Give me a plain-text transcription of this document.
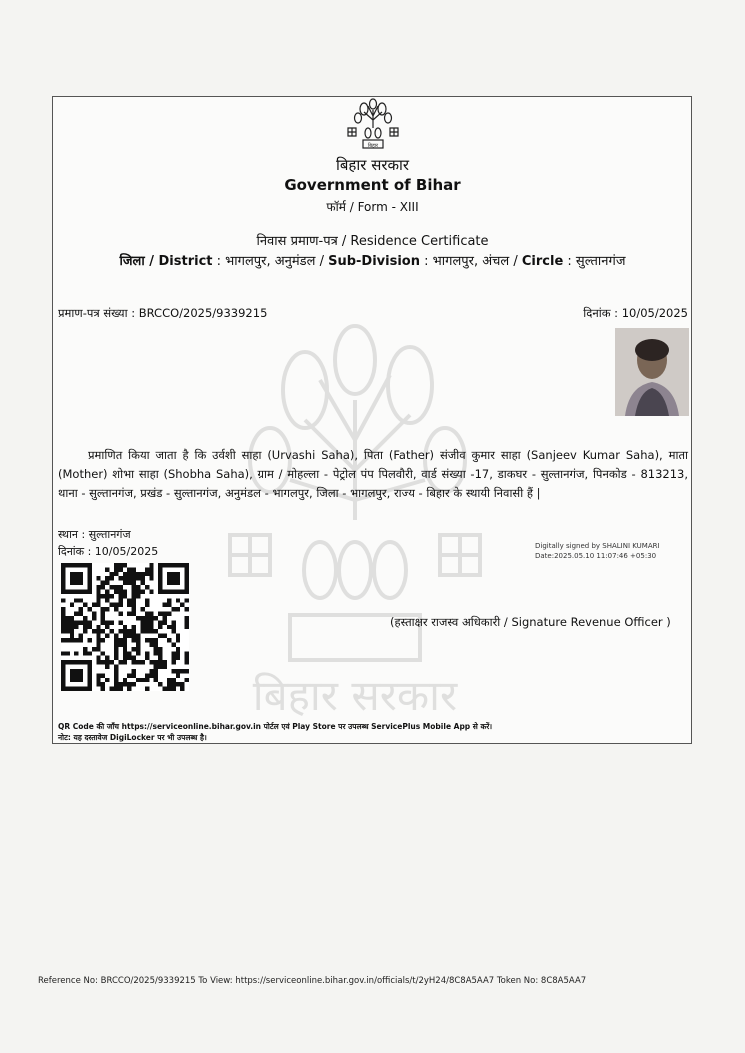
बिहार सरकार
बिहार
बिहार सरकार
Government of Bihar
फॉर्म / Form - XIII
निवास प्रमाण-पत्र / Residence Certificate
जिला / District : भागलपुर, अनुमंडल / Sub-Division : भागलपुर, अंचल / Circle : सुल्तानगंज
प्रमाण-पत्र संख्या : BRCCO/2025/9339215	दिनांक : 10/05/2025
प्रमाणित किया जाता है कि उर्वशी साहा (Urvashi Saha), पिता (Father) संजीव कुमार साहा (Sanjeev Kumar Saha), माता (Mother) शोभा साहा (Shobha Saha), ग्राम / मोहल्ला - पेट्रोल पंप पिलवौरी, वार्ड संख्या -17, डाकघर - सुल्तानगंज, पिनकोड - 813213, थाना - सुल्तानगंज, प्रखंड - सुल्तानगंज, अनुमंडल - भागलपुर, जिला - भागलपुर, राज्य - बिहार के स्थायी निवासी हैं |
स्थान : सुल्तानगंज
दिनांक : 10/05/2025	Digitally signed by SHALINI KUMARI
Date:2025.05.10 11:07:46 +05:30
(हस्ताक्षर राजस्व अधिकारी / Signature Revenue Officer )
QR Code की जाँच https://serviceonline.bihar.gov.in पोर्टल एवं Play Store पर उपलब्ध ServicePlus Mobile App से करें।
नोट: यह दस्तावेज DigiLocker पर भी उपलब्ध है।
Reference No: BRCCO/2025/9339215 To View: https://serviceonline.bihar.gov.in/officials/t/2yH24/8C8A5AA7 Token No: 8C8A5AA7
